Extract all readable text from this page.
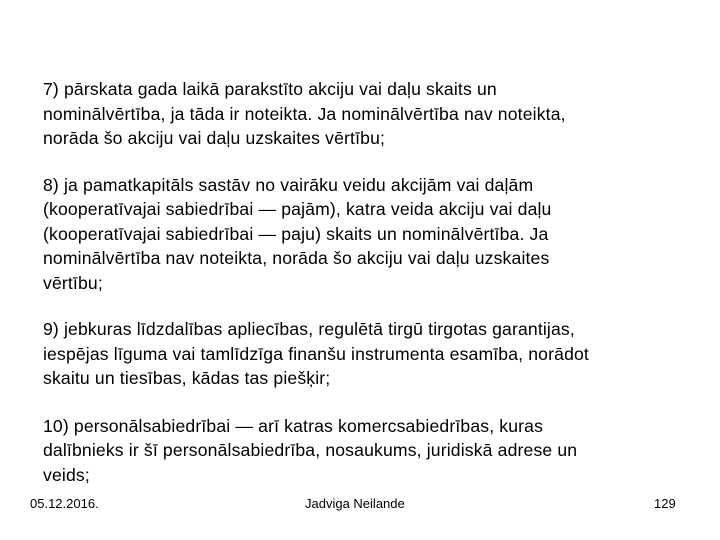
7) pārskata gada laikā parakstīto akciju vai daļu skaits un
nominālvērtība, ja tāda ir noteikta. Ja nominālvērtība nav noteikta,
norāda šo akciju vai daļu uzskaites vērtību;

8) ja pamatkapitāls sastāv no vairāku veidu akcijām vai daļām
(kooperatīvajai sabiedrībai — pajām), katra veida akciju vai daļu
(kooperatīvajai sabiedrībai — paju) skaits un nominālvērtība. Ja
nominālvērtība nav noteikta, norāda šo akciju vai daļu uzskaites
vērtību;

9) jebkuras līdzdalības apliecības, regulētā tirgū tirgotas garantijas,
iespējas līguma vai tamlīdzīga finanšu instrumenta esamība, norādot
skaitu un tiesības, kādas tas piešķir;

10) personālsabiedrībai — arī katras komercsabiedrības, kuras
dalībnieks ir šī personālsabiedrība, nosaukums, juridiskā adrese un
veids;

05.12.2016.	Jadviga Neilande	129
